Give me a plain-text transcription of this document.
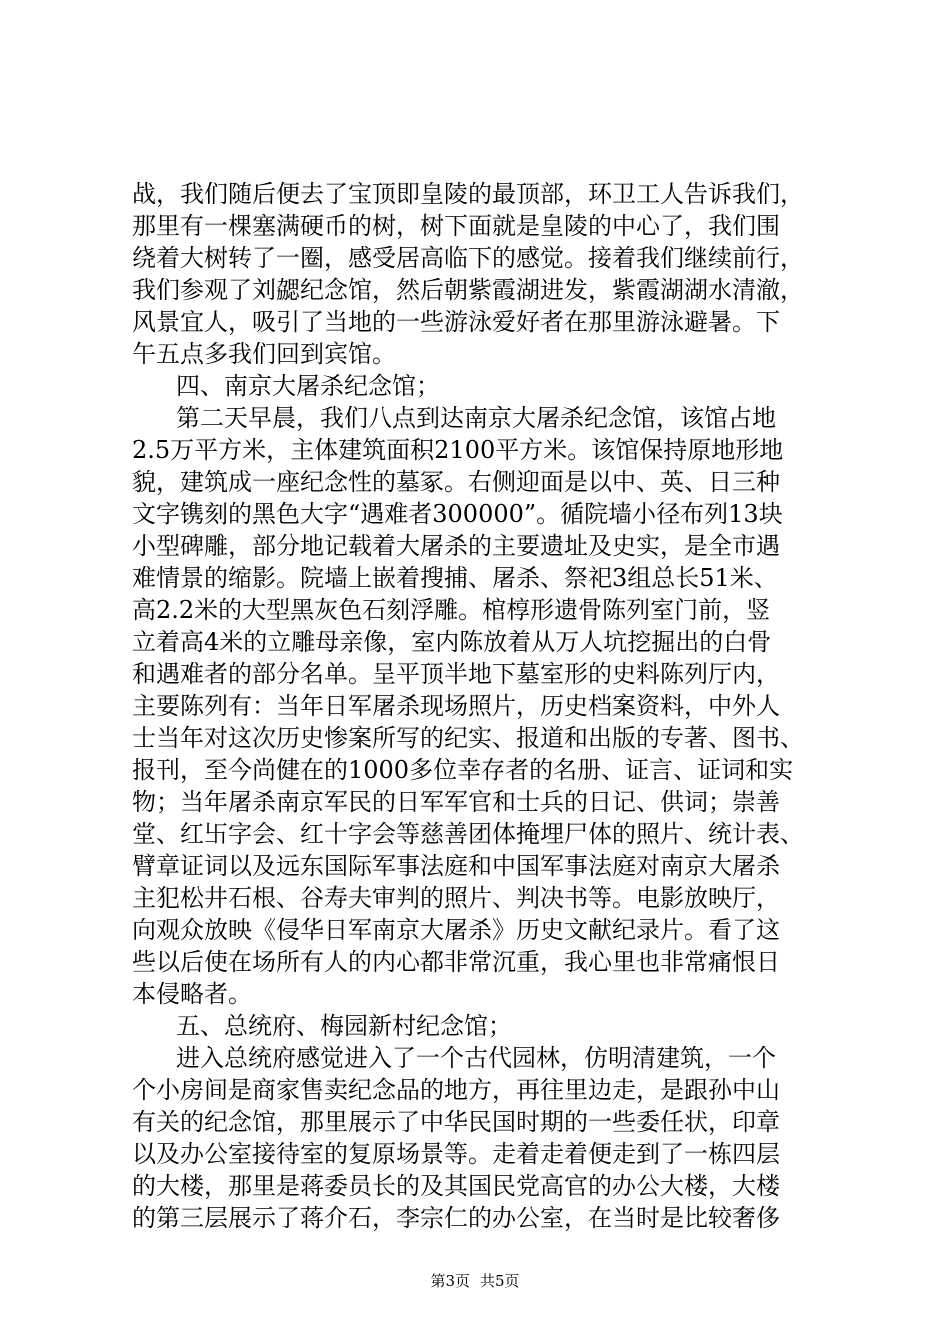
战，我们随后便去了宝顶即皇陵的最顶部，环卫工人告诉我们，
那里有一棵塞满硬币的树，树下面就是皇陵的中心了，我们围
绕着大树转了一圈，感受居高临下的感觉。接着我们继续前行，
我们参观了刘勰纪念馆，然后朝紫霞湖进发，紫霞湖湖水清澈，
风景宜人，吸引了当地的一些游泳爱好者在那里游泳避暑。下
午五点多我们回到宾馆。
四、南京大屠杀纪念馆；
第二天早晨，我们八点到达南京大屠杀纪念馆，该馆占地
2.5万平方米，主体建筑面积2100平方米。该馆保持原地形地
貌，建筑成一座纪念性的墓冢。右侧迎面是以中、英、日三种
文字镌刻的黑色大字“遇难者300000”。循院墙小径布列13块
小型碑雕，部分地记载着大屠杀的主要遗址及史实，是全市遇
难情景的缩影。院墙上嵌着搜捕、屠杀、祭祀3组总长51米、
高2.2米的大型黑灰色石刻浮雕。棺椁形遗骨陈列室门前，竖
立着高4米的立雕母亲像，室内陈放着从万人坑挖掘出的白骨
和遇难者的部分名单。呈平顶半地下墓室形的史料陈列厅内，
主要陈列有：当年日军屠杀现场照片，历史档案资料，中外人
士当年对这次历史惨案所写的纪实、报道和出版的专著、图书、
报刊，至今尚健在的1000多位幸存者的名册、证言、证词和实
物；当年屠杀南京军民的日军军官和士兵的日记、供词；崇善
堂、红卐字会、红十字会等慈善团体掩埋尸体的照片、统计表、
臂章证词以及远东国际军事法庭和中国军事法庭对南京大屠杀
主犯松井石根、谷寿夫审判的照片、判决书等。电影放映厅，
向观众放映《侵华日军南京大屠杀》历史文献纪录片。看了这
些以后使在场所有人的内心都非常沉重，我心里也非常痛恨日
本侵略者。
五、总统府、梅园新村纪念馆；
进入总统府感觉进入了一个古代园林，仿明清建筑，一个
个小房间是商家售卖纪念品的地方，再往里边走，是跟孙中山
有关的纪念馆，那里展示了中华民国时期的一些委任状，印章
以及办公室接待室的复原场景等。走着走着便走到了一栋四层
的大楼，那里是蒋委员长的及其国民党高官的办公大楼，大楼
的第三层展示了蒋介石，李宗仁的办公室，在当时是比较奢侈
第3页 共5页
